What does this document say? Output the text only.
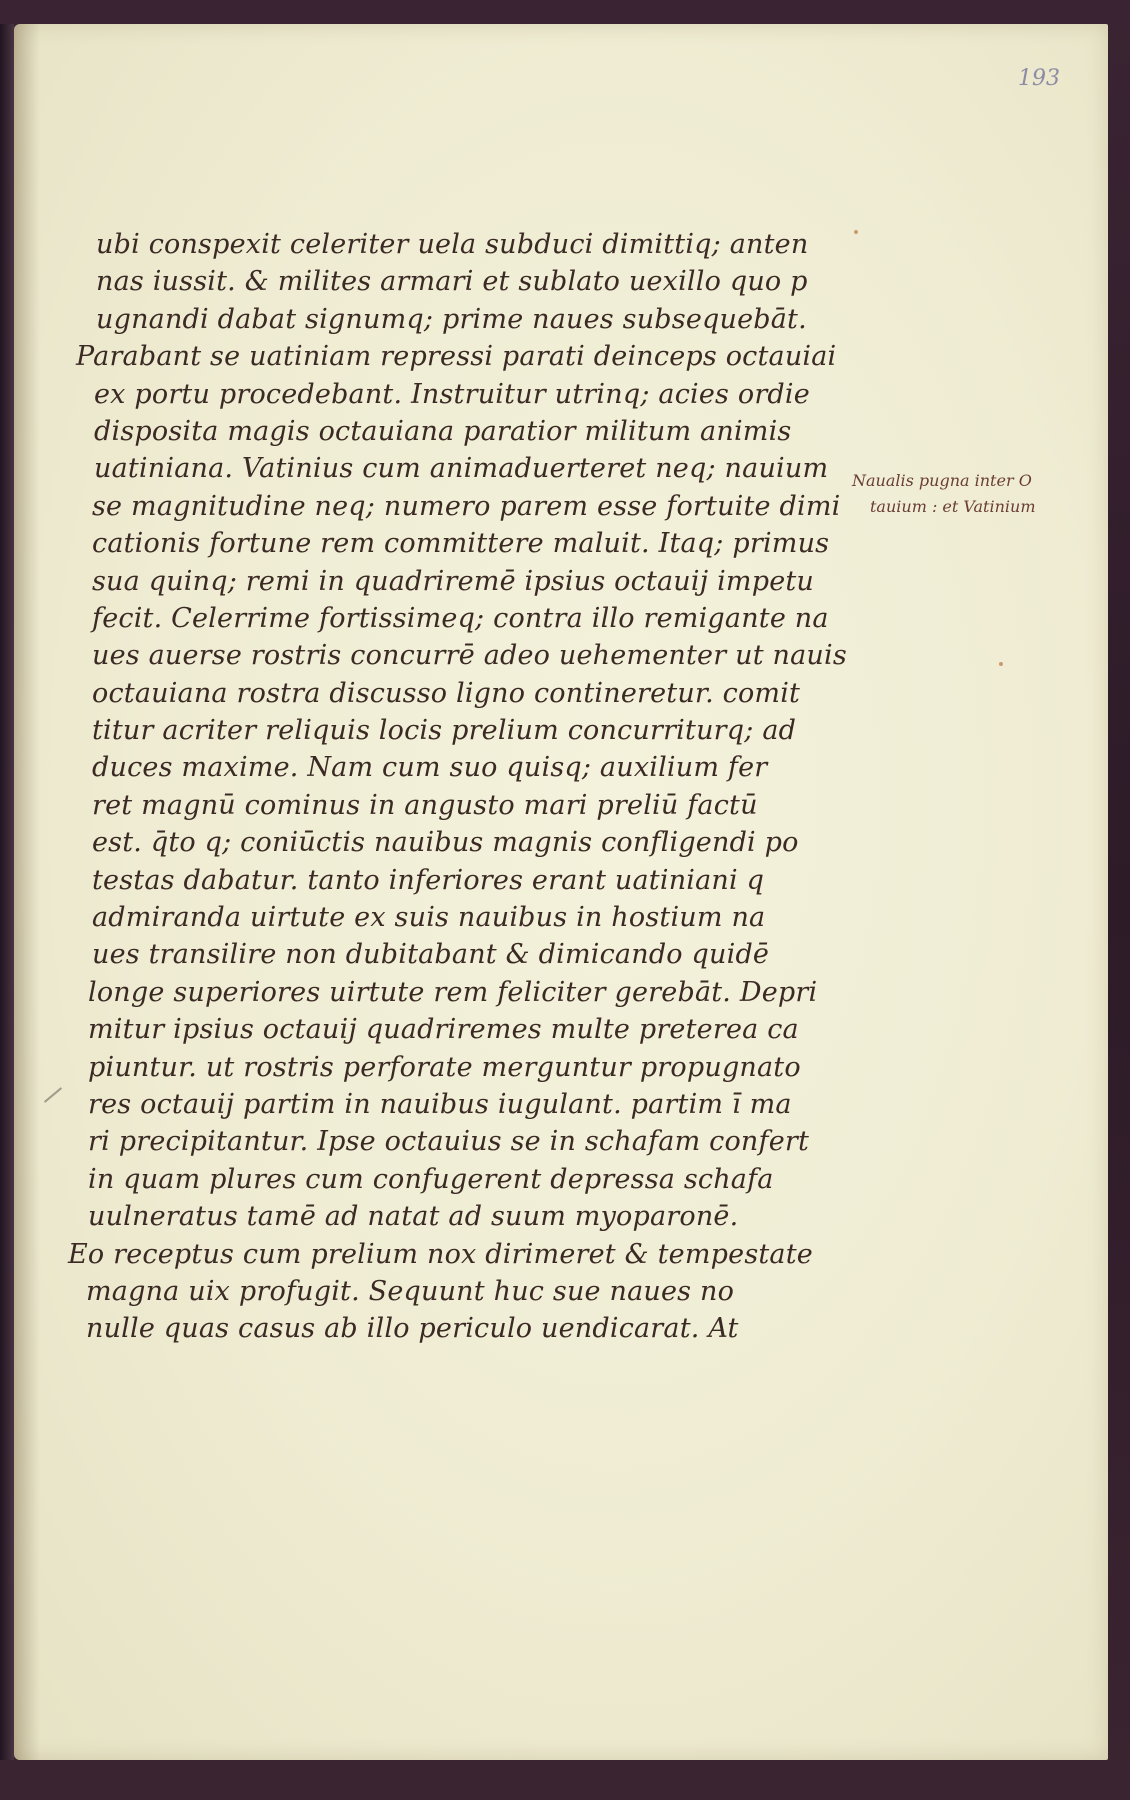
193
ubi conspexit celeriter uela subduci dimittiq; anten
nas iussit. & milites armari et sublato uexillo quo p
ugnandi dabat signumq; prime naues subsequebāt.
Parabant se uatiniam repressi parati deinceps octauiai
ex portu procedebant. Instruitur utrinq; acies ordie
disposita magis octauiana paratior militum animis
uatiniana. Vatinius cum animaduerteret neq; nauium
se magnitudine neq; numero parem esse fortuite dimi
cationis fortune rem committere maluit. Itaq; primus
sua quinq; remi in quadriremē ipsius octauij impetu
fecit. Celerrime fortissimeq; contra illo remigante na
ues auerse rostris concurrē adeo uehementer ut nauis
octauiana rostra discusso ligno contineretur. comit
titur acriter reliquis locis prelium concurriturq; ad
duces maxime. Nam cum suo quisq; auxilium fer
ret magnū cominus in angusto mari preliū factū
est. q̄to q; coniūctis nauibus magnis confligendi po
testas dabatur. tanto inferiores erant uatiniani q
admiranda uirtute ex suis nauibus in hostium na
ues transilire non dubitabant & dimicando quidē
longe superiores uirtute rem feliciter gerebāt. Depri
mitur ipsius octauij quadriremes multe preterea ca
piuntur. ut rostris perforate merguntur propugnato
res octauij partim in nauibus iugulant. partim ī ma
ri precipitantur. Ipse octauius se in schafam confert
in quam plures cum confugerent depressa schafa
uulneratus tamē ad natat ad suum myoparonē.
Eo receptus cum prelium nox dirimeret & tempestate
magna uix profugit. Sequunt huc sue naues no
nulle quas casus ab illo periculo uendicarat. At
Naualis pugna inter O
tauium : et Vatinium
